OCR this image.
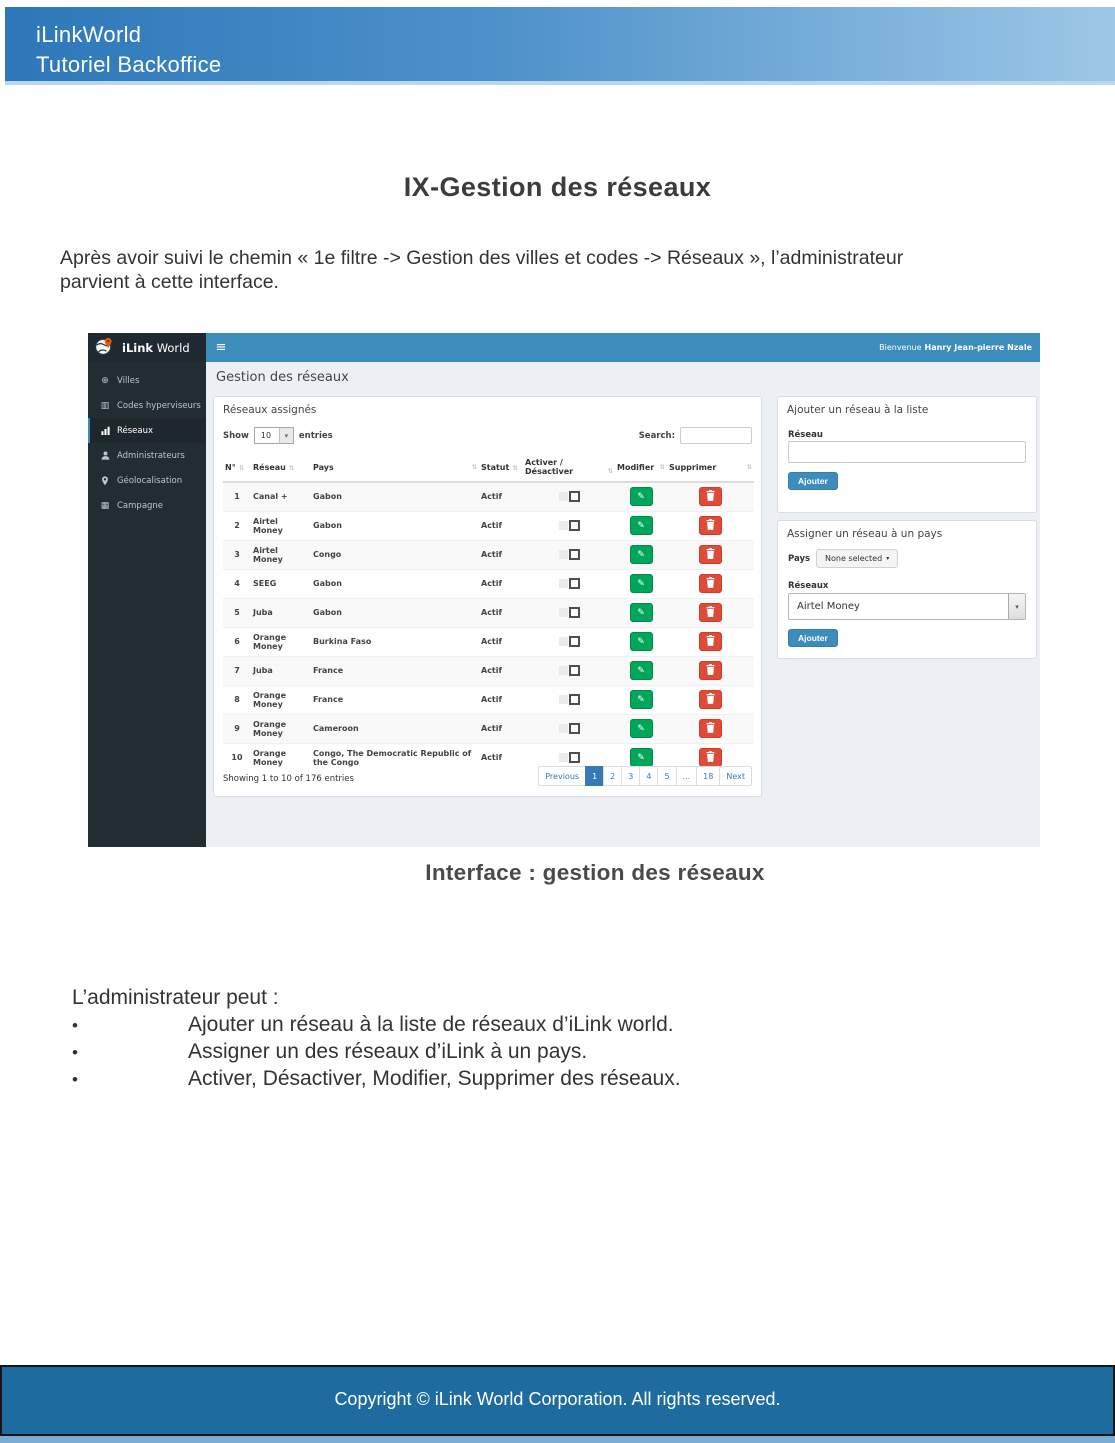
iLinkWorld
Tutoriel Backoffice
IX-Gestion des réseaux
Après avoir suivi le chemin « 1e filtre -> Gestion des villes et codes -> Réseaux », l’administrateur
parvient à cette interface.
iLink World	≡	Bienvenue Hanry Jean-pierre Nzale
⊕ Villes
▥ Codes hyperviseurs
Réseaux
Administrateurs
Géolocalisation
▦ Campagne
Gestion des réseaux
Réseaux assignés
Show	10	▾	entries	Search:
N° ⇅	Réseau ⇅	Pays ⇅	Statut ⇅	Activer / Désactiver ⇅	Modifier ⇅	Supprimer ⇅

1	Canal +	Gabon	Actif		✎

2	Airtel Money	Gabon	Actif		✎

3	Airtel Money	Congo	Actif		✎

4	SEEG	Gabon	Actif		✎

5	Juba	Gabon	Actif		✎

6	Orange Money	Burkina Faso	Actif		✎

7	Juba	France	Actif		✎

8	Orange Money	France	Actif		✎

9	Orange Money	Cameroon	Actif		✎

10	Orange Money	Congo, The Democratic Republic of the Congo	Actif		✎

Showing 1 to 10 of 176 entries	Previous	1	2	3	4	5	...	18	Next
Ajouter un réseau à la liste
Réseau
Ajouter
Assigner un réseau à un pays
Pays None selected ▾
Réseaux
Airtel Money	▾
Ajouter
Interface : gestion des réseaux
L’administrateur peut :
•	Ajouter un réseau à la liste de réseaux d’iLink world.
•	Assigner un des réseaux d’iLink à un pays.
•	Activer, Désactiver, Modifier, Supprimer des réseaux.
Copyright © iLink World Corporation. All rights reserved.
